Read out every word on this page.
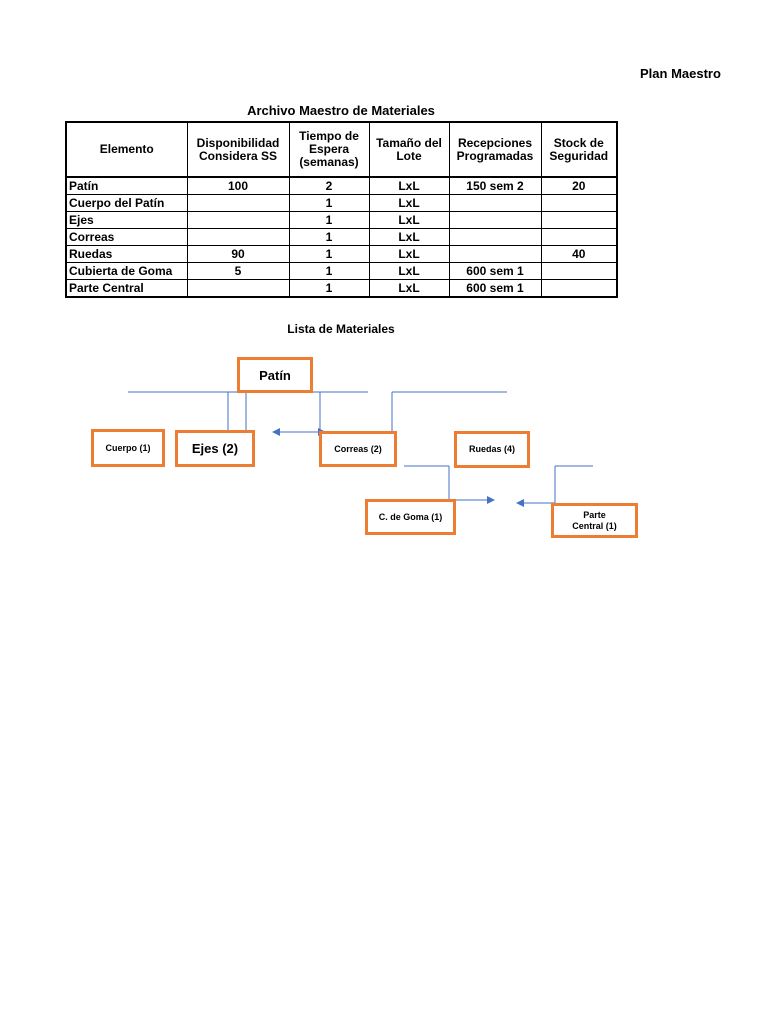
Plan Maestro
Archivo Maestro de Materiales
Elemento	Disponibilidad Considera SS	Tiempo de Espera (semanas)	Tamaño del Lote	Recepciones Programadas	Stock de Seguridad
Patín	100	2	LxL	150 sem 2	20
Cuerpo del Patín		1	LxL		
Ejes		1	LxL		
Correas		1	LxL		
Ruedas	90	1	LxL		40
Cubierta de Goma	5	1	LxL	600 sem 1	
Parte Central		1	LxL	600 sem 1	
Lista de Materiales
Patín
Cuerpo (1)	Ejes (2)	Correas (2)	Ruedas (4)
C. de Goma (1)	Parte Central (1)
